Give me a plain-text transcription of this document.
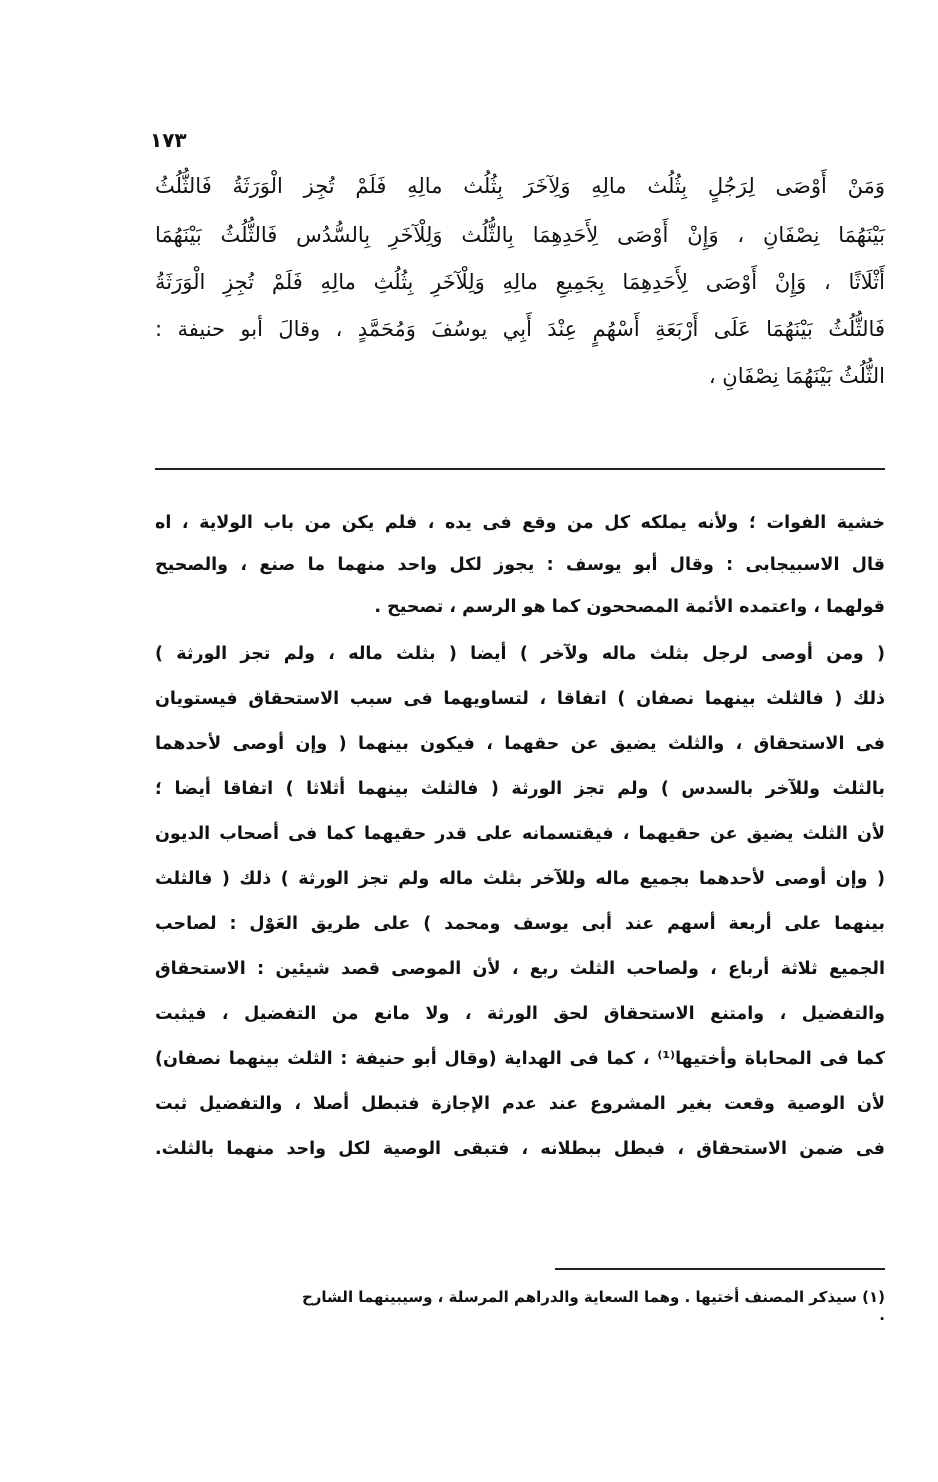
١٧٣
وَمَنْ أَوْصَى لِرَجُلٍ بِثُلُث مالِهِ وَلِآخَرَ بِثُلُث مالِهِ فَلَمْ تُجِز الْوَرَثَةُ فَالثُّلُثُ
بَيْنَهُمَا نِصْفَانِ ، وَإِنْ أَوْصَى لِأَحَدِهِمَا بِالثُّلُث وَلِلْآخَرِ بِالسُّدُس فَالثُّلُثُ بَيْنَهُمَا
أَثْلَاثًا ، وَإِنْ أَوْصَى لِأَحَدِهِمَا بِجَمِيعِ مالِهِ وَلِلْآخَرِ بِثُلُثِ مالِهِ فَلَمْ تُجِزِ الْوَرَثَةُ
فَالثُّلُثُ بَيْنَهُمَا عَلَى أَرْبَعَةِ أَسْهُمٍ عِنْدَ أَبِي يوسُفَ وَمُحَمَّدٍ ، وقالَ أبو حنيفة :
الثُّلُثُ بَيْنَهُمَا نِصْفَانِ ،
خشية الفوات ؛ ولأنه يملكه كل من وقع فى يده ، فلم يكن من باب الولاية ، اه
قال الاسبيجابى : وقال أبو يوسف : يجوز لكل واحد منهما ما صنع ، والصحيح
قولهما ، واعتمده الأئمة المصححون كما هو الرسم ، تصحيح .
( ومن أوصى لرجل بثلث ماله ولآخر ) أيضا ( بثلث ماله ، ولم تجز الورثة )
ذلك ( فالثلث بينهما نصفان ) اتفاقا ، لتساويهما فى سبب الاستحقاق فيستويان
فى الاستحقاق ، والثلث يضيق عن حقهما ، فيكون بينهما ( وإن أوصى لأحدهما
بالثلث وللآخر بالسدس ) ولم تجز الورثة ( فالثلث بينهما أثلاثا ) اتفاقا أيضا ؛
لأن الثلث يضيق عن حقيهما ، فيقتسمانه على قدر حقيهما كما فى أصحاب الديون
( وإن أوصى لأحدهما بجميع ماله وللآخر بثلث ماله ولم تجز الورثة ) ذلك ( فالثلث
بينهما على أربعة أسهم عند أبى يوسف ومحمد ) على طريق العَوْل : لصاحب
الجميع ثلاثة أرباع ، ولصاحب الثلث ربع ، لأن الموصى قصد شيئين : الاستحقاق
والتفضيل ، وامتنع الاستحقاق لحق الورثة ، ولا مانع من التفضيل ، فيثبت
كما فى المحاباة وأختيها⁽¹⁾ ، كما فى الهداية (وقال أبو حنيفة : الثلث بينهما نصفان)
لأن الوصية وقعت بغير المشروع عند عدم الإجازة فتبطل أصلا ، والتفضيل ثبت
فى ضمن الاستحقاق ، فبطل ببطلانه ، فتبقى الوصية لكل واحد منهما بالثلث.
(١) سيذكر المصنف أختيها . وهما السعاية والدراهم المرسلة ، وسيبينهما الشارح .
